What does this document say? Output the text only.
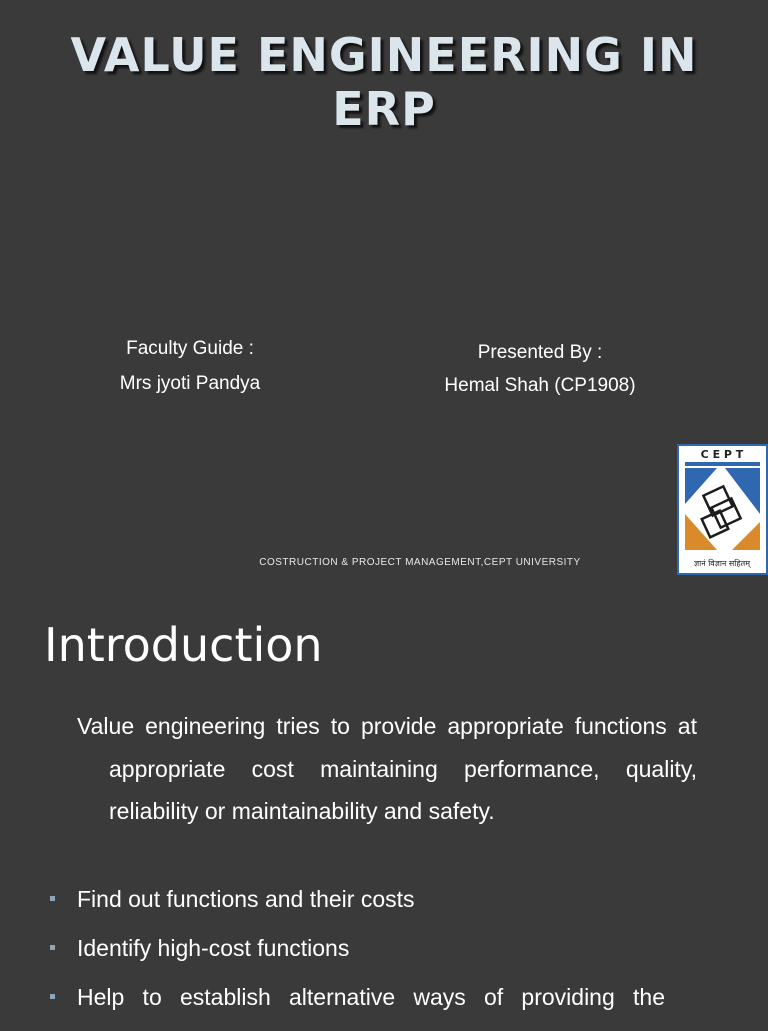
VALUE ENGINEERING IN ERP
Faculty Guide :
Mrs jyoti Pandya
Presented By :
Hemal Shah (CP1908)
COSTRUCTION & PROJECT MANAGEMENT,CEPT UNIVERSITY
C E P T
ज्ञानं विज्ञान सहितम्
Introduction
Value engineering tries to provide appropriate functions at appropriate cost maintaining performance, quality, reliability or maintainability and safety.
Find out functions and their costs
Identify high-cost functions
Help to establish alternative ways of providing the
